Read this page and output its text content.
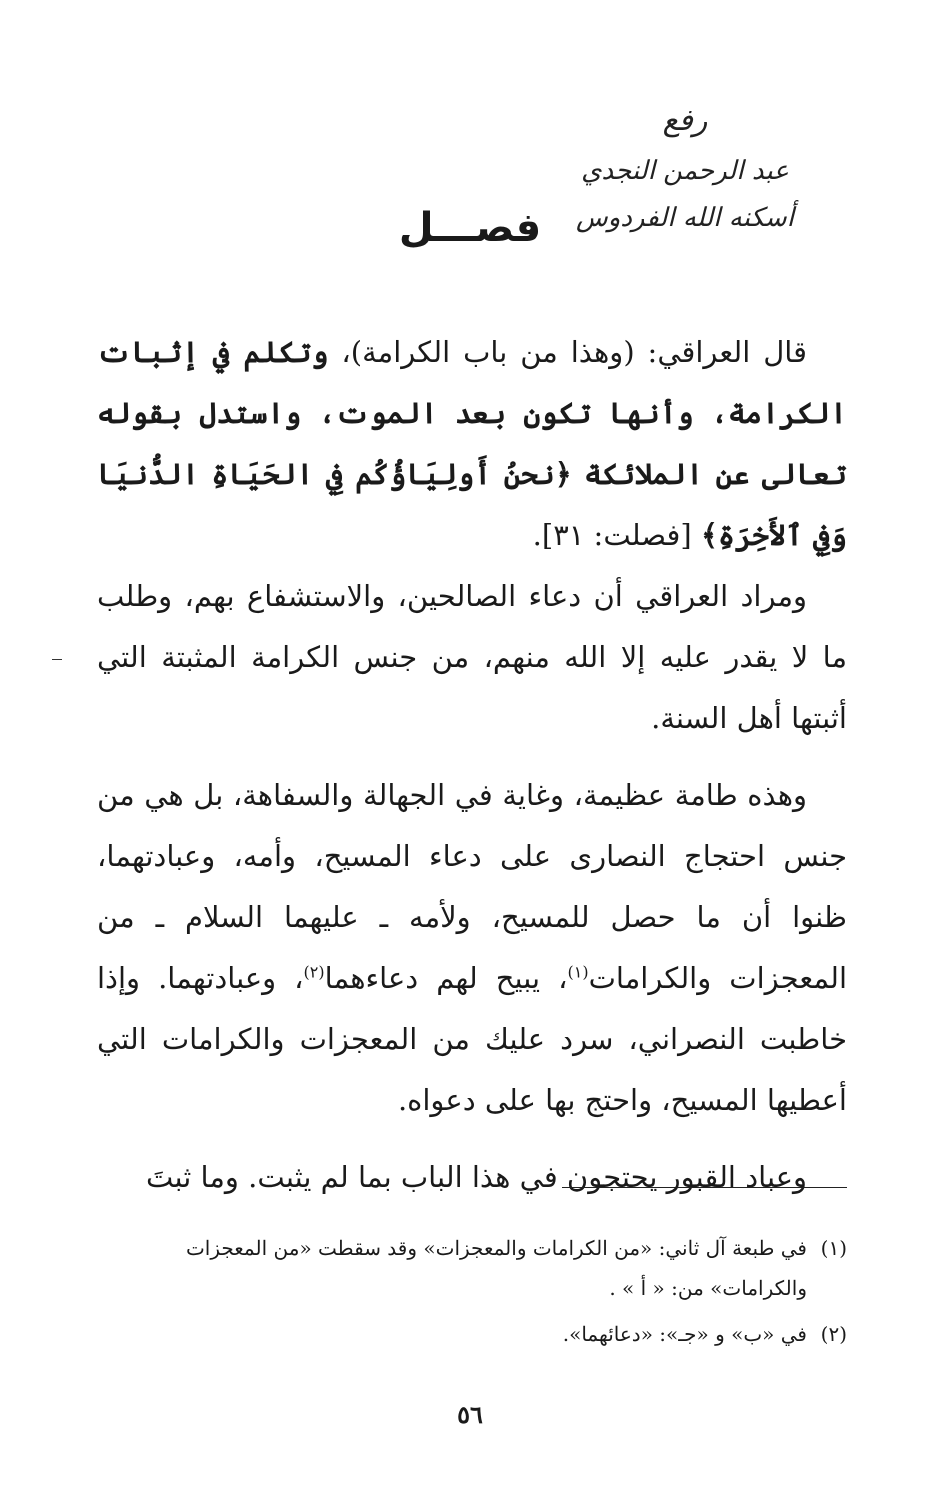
رفع
عبد الرحمن النجدي
أسكنه الله الفردوس
فصـــل

قال العراقي: (وهذا من باب الكرامة)، وتكلم في إثبات الكرامة، وأنها تكون بعد الموت، واستدل بقوله تعالى عن الملائكة ﴿نحنُ أَولِيَاؤُكُم فِي الحَيَاةِ الدُّنيَا وَفِي ٱلأَخِرَةِ﴾ [فصلت: ٣١].

ومراد العراقي أن دعاء الصالحين، والاستشفاع بهم، وطلب ما لا يقدر عليه إلا الله منهم، من جنس الكرامة المثبتة التي أثبتها أهل السنة.

وهذه طامة عظيمة، وغاية في الجهالة والسفاهة، بل هي من جنس احتجاج النصارى على دعاء المسيح، وأمه، وعبادتهما، ظنوا أن ما حصل للمسيح، ولأمه ـ عليهما السلام ـ من المعجزات والكرامات$^{(١)}$، يبيح لهم دعاءهما$^{(٢)}$، وعبادتهما. وإذا خاطبت النصراني، سرد عليك من المعجزات والكرامات التي أعطيها المسيح، واحتج بها على دعواه.

وعباد القبور يحتجون في هذا الباب بما لم يثبت. وما ثبتَ

(١)
في طبعة آل ثاني: «من الكرامات والمعجزات» وقد سقطت «من المعجزات والكرامات» من: « أ » .

(٢)
في «ب» و «جـ»: «دعائهما».

٥٦
